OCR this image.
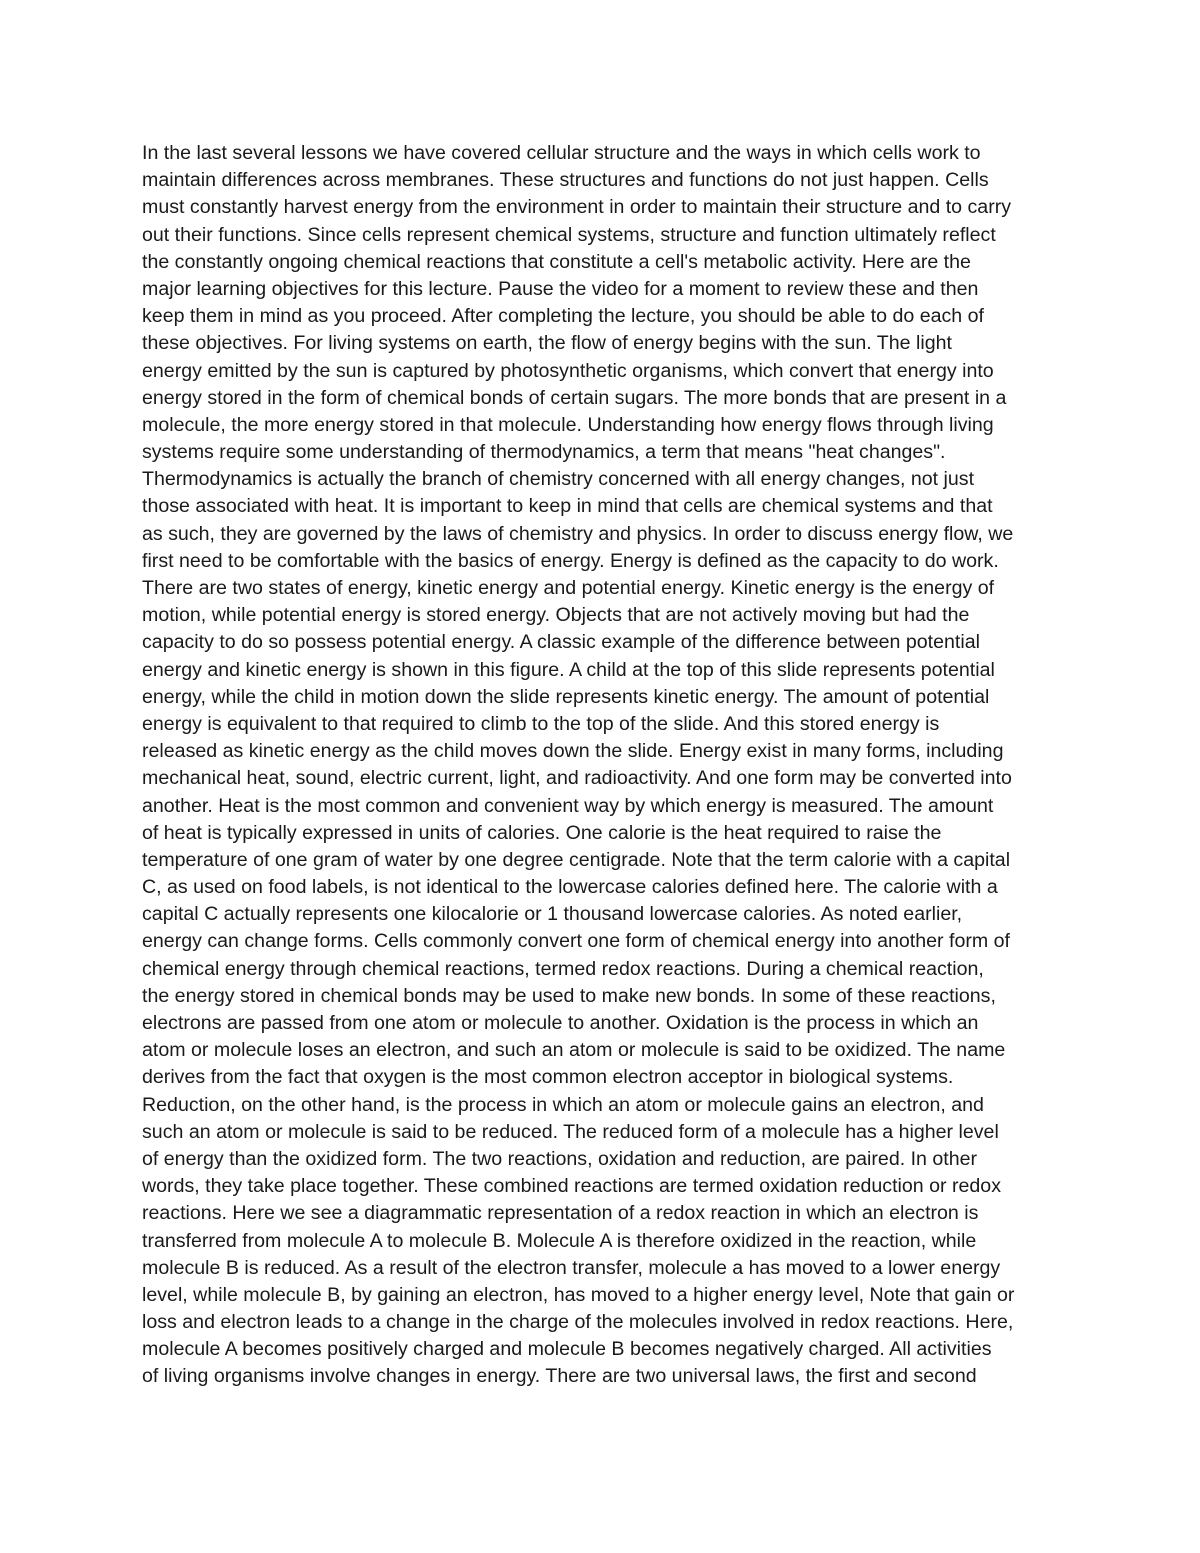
In the last several lessons we have covered cellular structure and the ways in which cells work to
maintain differences across membranes. These structures and functions do not just happen. Cells
must constantly harvest energy from the environment in order to maintain their structure and to carry
out their functions. Since cells represent chemical systems, structure and function ultimately reflect
the constantly ongoing chemical reactions that constitute a cell's metabolic activity. Here are the
major learning objectives for this lecture. Pause the video for a moment to review these and then
keep them in mind as you proceed. After completing the lecture, you should be able to do each of
these objectives. For living systems on earth, the flow of energy begins with the sun. The light
energy emitted by the sun is captured by photosynthetic organisms, which convert that energy into
energy stored in the form of chemical bonds of certain sugars. The more bonds that are present in a
molecule, the more energy stored in that molecule. Understanding how energy flows through living
systems require some understanding of thermodynamics, a term that means "heat changes".
Thermodynamics is actually the branch of chemistry concerned with all energy changes, not just
those associated with heat. It is important to keep in mind that cells are chemical systems and that
as such, they are governed by the laws of chemistry and physics. In order to discuss energy flow, we
first need to be comfortable with the basics of energy. Energy is defined as the capacity to do work.
There are two states of energy, kinetic energy and potential energy. Kinetic energy is the energy of
motion, while potential energy is stored energy. Objects that are not actively moving but had the
capacity to do so possess potential energy. A classic example of the difference between potential
energy and kinetic energy is shown in this figure. A child at the top of this slide represents potential
energy, while the child in motion down the slide represents kinetic energy. The amount of potential
energy is equivalent to that required to climb to the top of the slide. And this stored energy is
released as kinetic energy as the child moves down the slide. Energy exist in many forms, including
mechanical heat, sound, electric current, light, and radioactivity. And one form may be converted into
another. Heat is the most common and convenient way by which energy is measured. The amount
of heat is typically expressed in units of calories. One calorie is the heat required to raise the
temperature of one gram of water by one degree centigrade. Note that the term calorie with a capital
C, as used on food labels, is not identical to the lowercase calories defined here. The calorie with a
capital C actually represents one kilocalorie or 1 thousand lowercase calories. As noted earlier,
energy can change forms. Cells commonly convert one form of chemical energy into another form of
chemical energy through chemical reactions, termed redox reactions. During a chemical reaction,
the energy stored in chemical bonds may be used to make new bonds. In some of these reactions,
electrons are passed from one atom or molecule to another. Oxidation is the process in which an
atom or molecule loses an electron, and such an atom or molecule is said to be oxidized. The name
derives from the fact that oxygen is the most common electron acceptor in biological systems.
Reduction, on the other hand, is the process in which an atom or molecule gains an electron, and
such an atom or molecule is said to be reduced. The reduced form of a molecule has a higher level
of energy than the oxidized form. The two reactions, oxidation and reduction, are paired. In other
words, they take place together. These combined reactions are termed oxidation reduction or redox
reactions. Here we see a diagrammatic representation of a redox reaction in which an electron is
transferred from molecule A to molecule B. Molecule A is therefore oxidized in the reaction, while
molecule B is reduced. As a result of the electron transfer, molecule a has moved to a lower energy
level, while molecule B, by gaining an electron, has moved to a higher energy level, Note that gain or
loss and electron leads to a change in the charge of the molecules involved in redox reactions. Here,
molecule A becomes positively charged and molecule B becomes negatively charged. All activities
of living organisms involve changes in energy. There are two universal laws, the first and second
